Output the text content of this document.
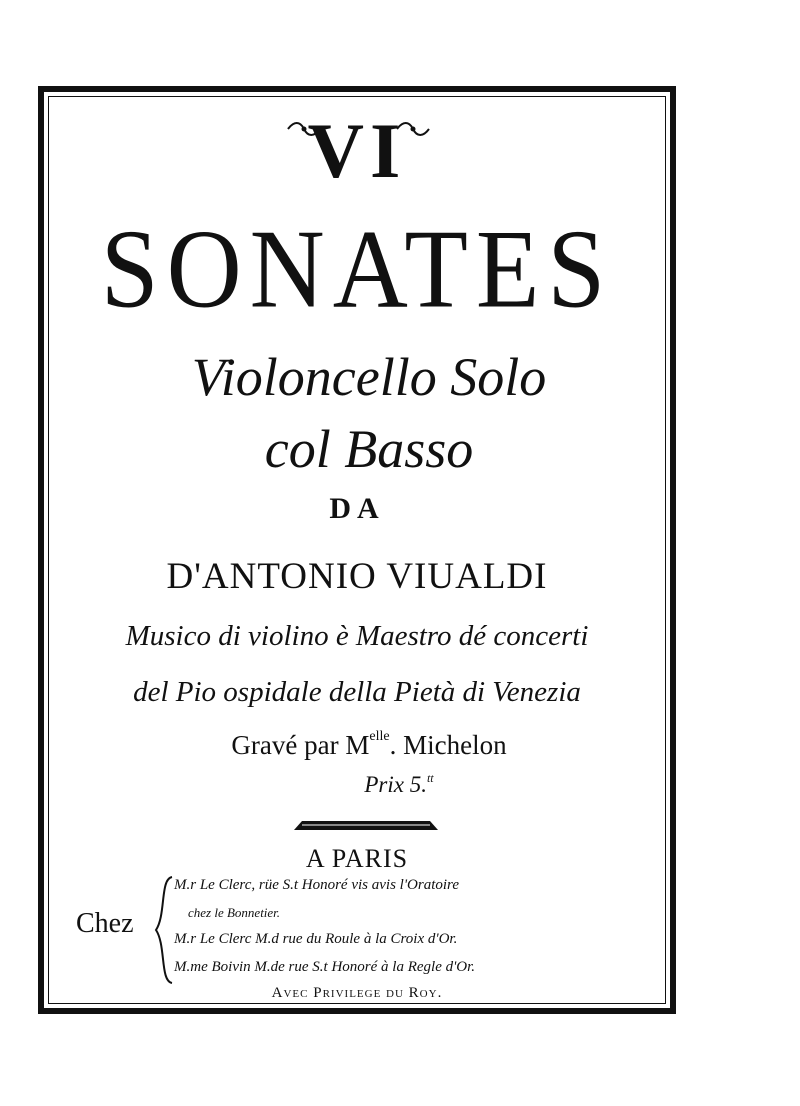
VI
SONATES
Violoncello Solo
col Basso
DA
D'ANTONIO VIUALDI
Musico di violino è Maestro dé concerti
del Pio ospidale della Pietà di Venezia
Gravé par $M^{elle}$. Michelon
Prix 5.$^{tt}$
A PARIS
Chez
M.r Le Clerc, rüe S.t Honoré vis avis l'Oratoire
chez le Bonnetier.
M.r Le Clerc M.d rue du Roule à la Croix d'Or.
M.me Boivin M.de rue S.t Honoré à la Regle d'Or.
Avec Privilege du Roy.
